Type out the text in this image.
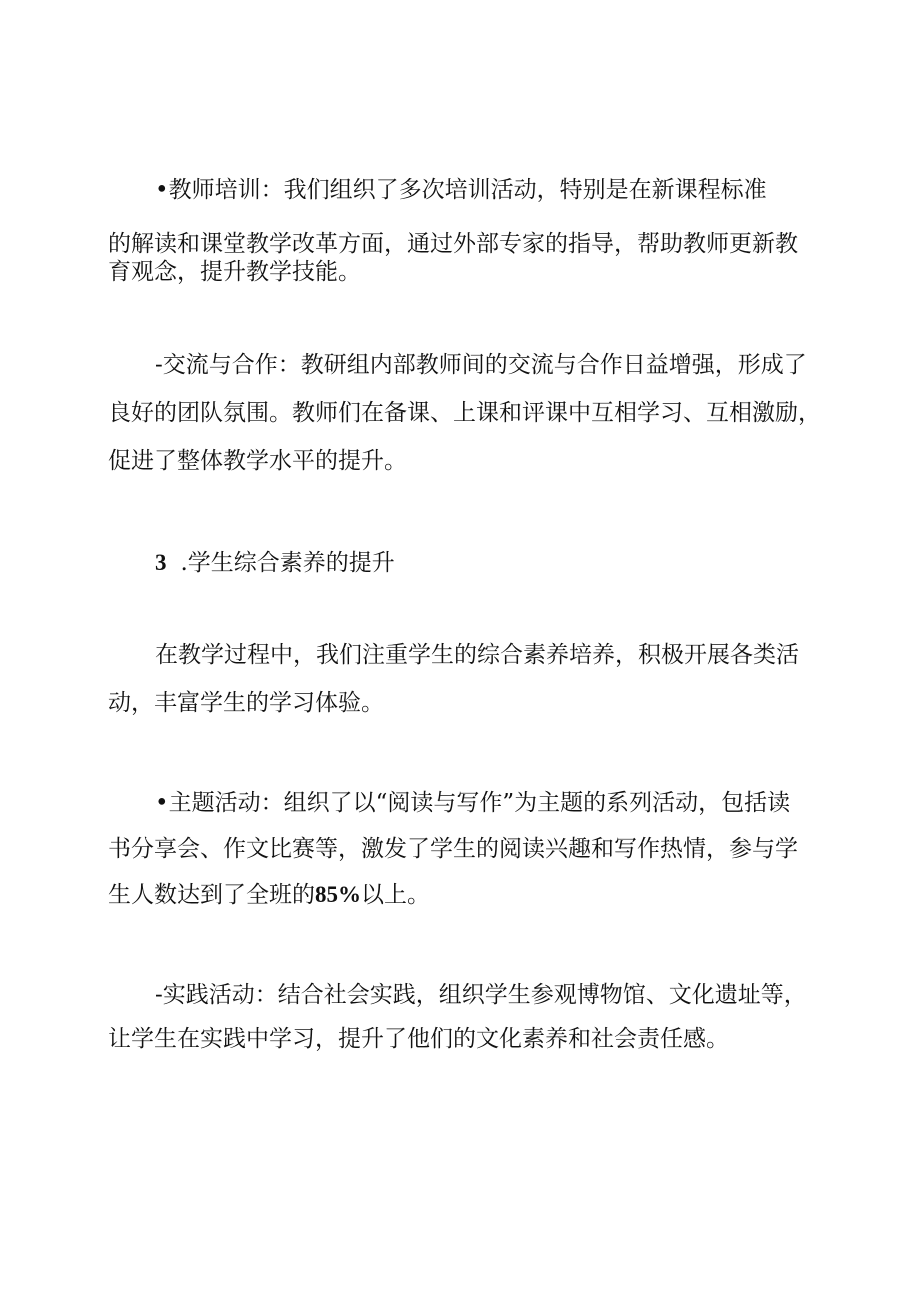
•教师培训：我们组织了多次培训活动，特别是在新课程标准
的解读和课堂教学改革方面，通过外部专家的指导，帮助教师更新教
育观念，提升教学技能。
-交流与合作：教研组内部教师间的交流与合作日益增强，形成了
良好的团队氛围。教师们在备课、上课和评课中互相学习、互相激励，
促进了整体教学水平的提升。
3 .学生综合素养的提升
在教学过程中，我们注重学生的综合素养培养，积极开展各类活
动，丰富学生的学习体验。
•主题活动：组织了以“阅读与写作”为主题的系列活动，包括读
书分享会、作文比赛等，激发了学生的阅读兴趣和写作热情，参与学
生人数达到了全班的85%以上。
-实践活动：结合社会实践，组织学生参观博物馆、文化遗址等，
让学生在实践中学习，提升了他们的文化素养和社会责任感。
